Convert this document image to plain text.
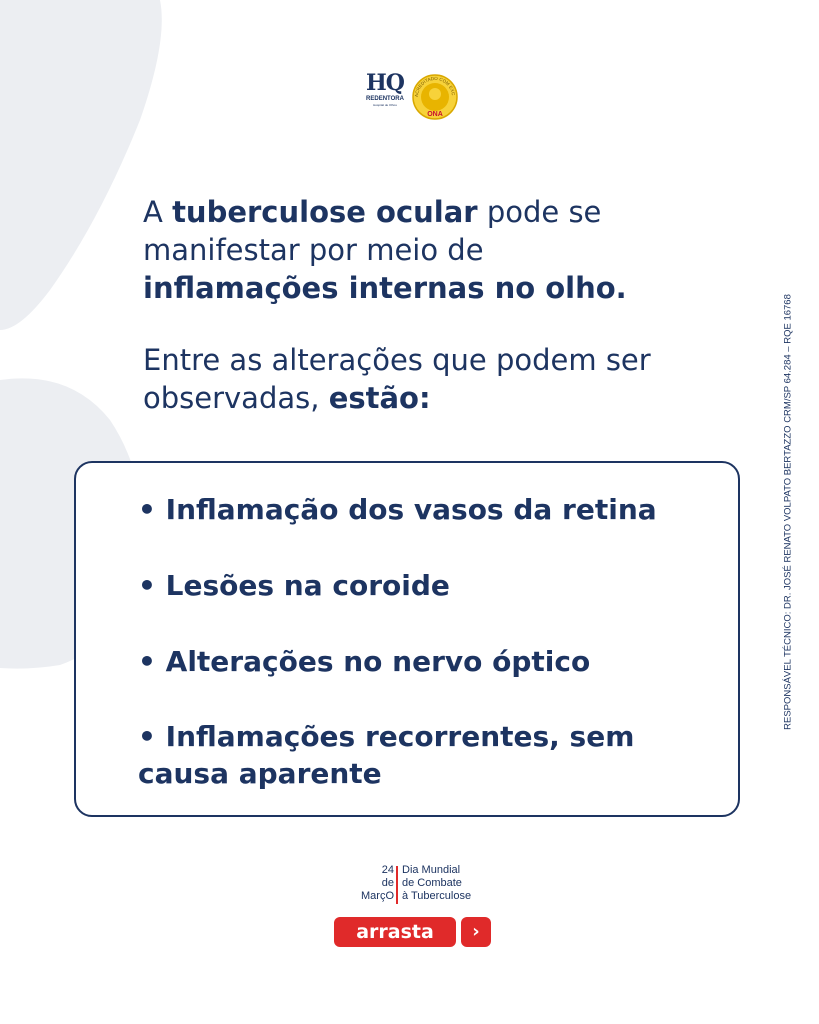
HQ
REDENTORA
Hospital de Olhos
ACREDITADO COM EXC
ONA
A tuberculose ocular pode se manifestar por meio de
inflamações internas no olho.
Entre as alterações que podem ser observadas, estão:
• Inflamação dos vasos da retina
• Lesões na coroide
• Alterações no nervo óptico
• Inflamações recorrentes, sem causa aparente
RESPONSÁVEL TÉCNICO: DR. JOSÉ RENATO VOLPATO BERTAZZO CRM/SP 64.284 – RQE 16768
24
de
MarçO
Dia Mundial
de Combate
à Tuberculose
arrasta	›
